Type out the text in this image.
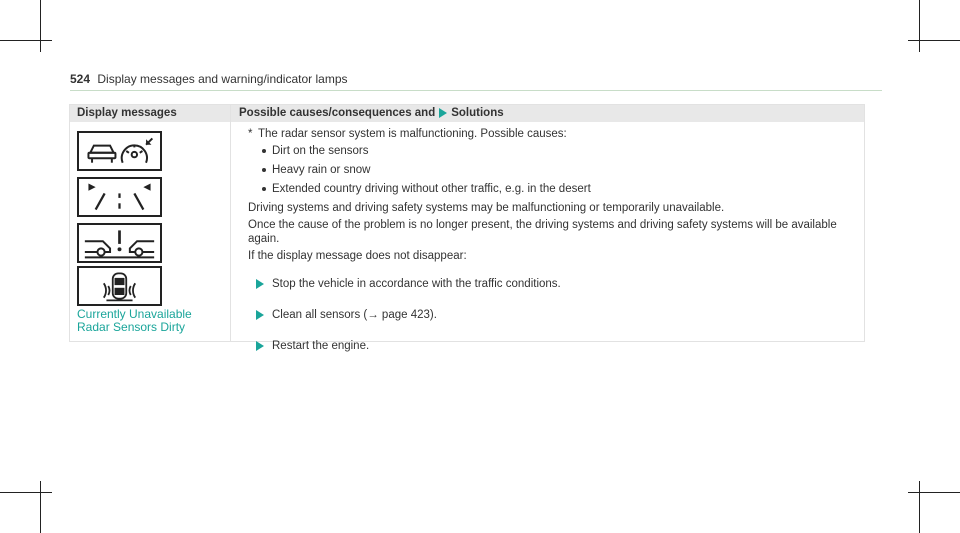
524 Display messages and warning/indicator lamps
Display messages	Possible causes/consequences and Solutions
Currently Unavailable
Radar Sensors Dirty

* The radar sensor system is malfunctioning. Possible causes:

Dirt on the sensors
Heavy rain or snow
Extended country driving without other traffic, e.g. in the desert

Driving systems and driving safety systems may be malfunctioning or temporarily unavailable.

Once the cause of the problem is no longer present, the driving systems and driving safety systems will be available again.

If the display message does not disappear:

Stop the vehicle in accordance with the traffic conditions.
Clean all sensors (→ page 423).
Restart the engine.
